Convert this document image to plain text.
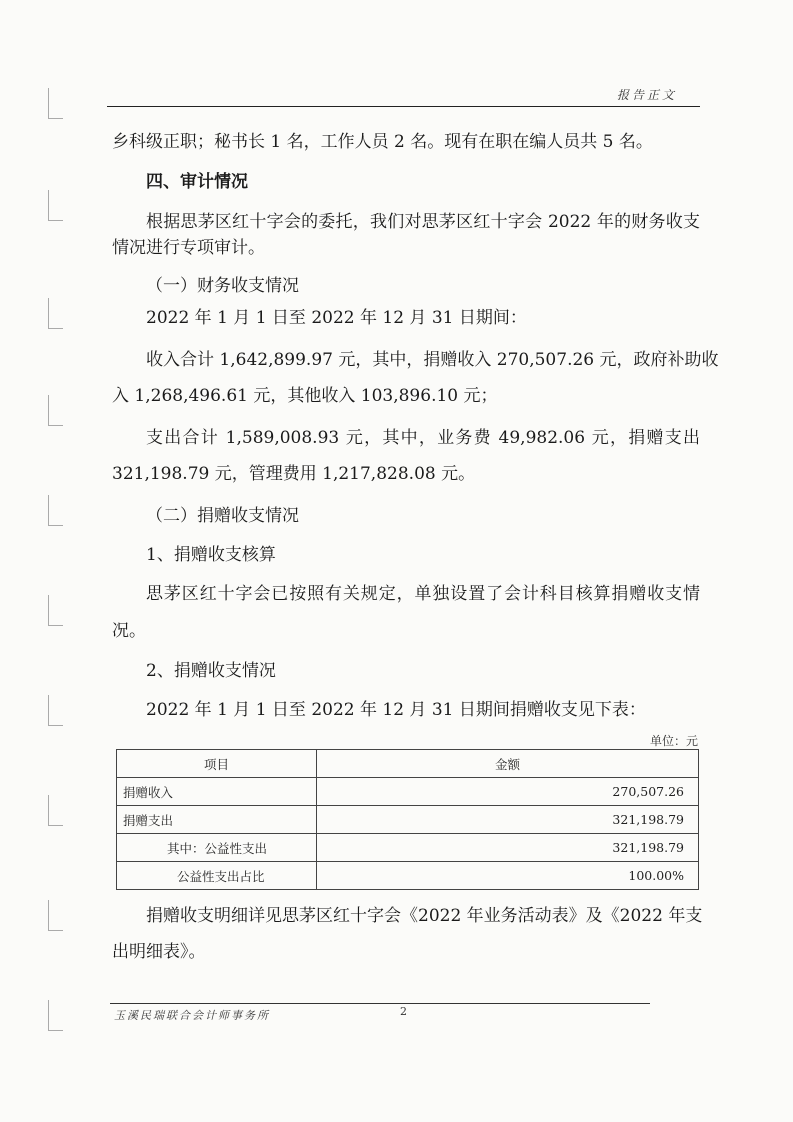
报告正文
乡科级正职；秘书长 1 名，工作人员 2 名。现有在职在编人员共 5 名。
四、审计情况
根据思茅区红十字会的委托，我们对思茅区红十字会 2022 年的财务收支
情况进行专项审计。
（一）财务收支情况
2022 年 1 月 1 日至 2022 年 12 月 31 日期间：
收入合计 1,642,899.97 元，其中，捐赠收入 270,507.26 元，政府补助收
入 1,268,496.61 元，其他收入 103,896.10 元；
支出合计 1,589,008.93 元，其中，业务费 49,982.06 元，捐赠支出
321,198.79 元，管理费用 1,217,828.08 元。
（二）捐赠收支情况
1、捐赠收支核算
思茅区红十字会已按照有关规定，单独设置了会计科目核算捐赠收支情
况。
2、捐赠收支情况
2022 年 1 月 1 日至 2022 年 12 月 31 日期间捐赠收支见下表：
单位：元
项目	金额
捐赠收入	270,507.26
捐赠支出	321,198.79
其中：公益性支出	321,198.79
公益性支出占比	100.00%
捐赠收支明细详见思茅区红十字会《2022 年业务活动表》及《2022 年支
出明细表》。
玉溪民瑞联合会计师事务所	2
